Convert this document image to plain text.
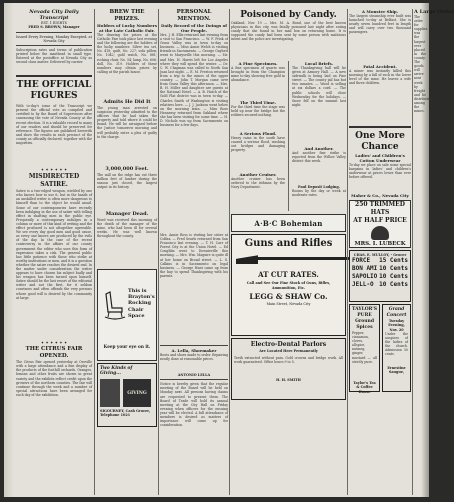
Nevada City Daily Transcript
EST. 1 EIGHTS
FRED S. BROWN, Manager
Issued Every Evening, Monday Excepted, at Nevada City
Subscription rates and terms of publication printed below the masthead in small type. Entered at the postoffice at Nevada City as second class matter. Delivered by carrier.
THE OFFICIAL FIGURES
With to-day's issue of the Transcript we present the official vote as compiled and certified to by the Board of Supervisors after canvassing the vote of Nevada County at the recent election. It is a valuable record to many of our readers and should be preserved for reference. The figures are published herewith and show the results in each precinct of the county as officially declared, together with the majorities.
✦ ✦ ✦ ✦ ✦ ✦
MISDIRECTED SATIRE.
Satire is a two-edged weapon, wielded by one who knows how to use it, but in the hands of an unskilled writer is often more dangerous to himself than to the object he would assail. Some of our contemporaries have recently been indulging in the use of satire with telling effect in shafting men in the public eye. Frequently a contemporary indulges in a column or more of this kind of writing and the effect produced is not altogether agreeable. We see every day good men and good cause, as every one knows are produced by the evils of the day. In the case of the recent controversy in the affairs of our county government the editor who uses this form of expression takes a risk. The general public has little patience with those who strike at worthy institutions or men, and it is a question whether the satire reaches the desired end. In the matter under consideration the writer appears to have chosen his subject badly and his weapon has been turned upon himself. Satire should be the last resort of the editorial writer and not the first, for it seldom convinces and often offends the very persons whose good will is desired by the community at large.
✦ ✦ ✦ ✦ ✦ ✦
THE CITRUS FAIR OPENED.
The Citrus Fair opened yesterday at Oroville with a large attendance and a fine display of the products of the foothill orchards. Oranges, lemons and other fruits are shown in great variety and the exhibits reflect credit upon the growers of the northern counties. The fair will continue through the week and a number of special attractions have been arranged for each day of the exhibition.
BREW THE PRIZES.
Holders of Lucky Numbers at the Late Catholic Fair.
The drawing for prizes at the Catholic Fair took place last evening and the following are the holders of the lucky numbers: Silver tea set, No. 418; quilt, No. 227; sofa pillow, No. 1042; gold watch, No. 881; rocking chair, No. 54; lamp, No. 606; doll, No. 319. Holders of these numbers may obtain prizes by calling at the parish house.
Admits He Did It
The young man arrested on suspicion yesterday admitted to the officers that he had taken the property and told where it could be found. He will be arraigned before the Justice tomorrow morning and will probably enter a plea of guilty to the charge.
3,000,000 Feet.
The mill on the ridge has cut three million feet of lumber during the season just closed, the largest output in its history.
Manager Dead.
Word was received this morning of the death of the manager of the mine, who had been ill for several weeks. He was well known throughout the county.
This is
Brayton's
Rocking Chair
Space
Keep your eye on it.
Two Kinds of Giving...
GIVING
SIGOURNEY, Cash Grocer, Telephone 1021
PERSONAL MENTION.
Daily Record of the Doings of Our People.
Mrs. J. H. Ellis returned last evening from a visit to San Francisco. — W. F. Prisk of Grass Valley was in town to-day on business. — Miss Annie Welch is visiting friends in Sacramento. — George Gaylord went to Marysville this morning. — Mr. and Mrs. H. Harris left for Los Angeles where they will spend the winter. — Dr. C. W. Chapman was called to North San Juan last night. — E. M. Preston returned from a trip to the mines of the upper country. — John T. Morgan came over from Grass Valley this afternoon. — Mrs. B. H. Miller and daughter are guests at the National Hotel. — A. B. Hatch of the Gold Flat district was in town to-day. — Charles Smith of Washington is visiting relatives here. — J. J. Jackson went below on the morning train. — Miss Rose Hennessy returned from Oakland where she has been visiting for some time. — H. D. Nichols was up from Sacramento on business for a few days.
Mrs. Annie Ross is visiting her sister at Colfax. — Fred Searls returned from San Francisco last evening. — T. H. Carr of Forest City is at the Union Hotel. — Ed Coughlin went to Downieville this morning. — Mrs. Wm. Maguire is quite ill at her home on Broad street. — L. S. Calkins is in Sacramento on legal business. — George Hunt came up from the bay to spend Thanksgiving with his parents.
A. Lella, Shoemaker
Boots and shoes made to order. Repairing neatly done at reasonable prices.
ANTONIO LELLA
Notice is hereby given that the regular meeting of the Board will be held on Monday next. All persons having claims are requested to present them. The Board of Trade will hold its annual meeting at the City Hall on Friday evening when officers for the ensuing year will be elected. A full attendance of members is desired as matters of importance will come up for consideration.
Poisoned by Candy.
Oakland, Nov. 19 — Mrs. M. A. Bond, one of the best known physicians in this city, was fatally poisoned last night after eating candy that she found in her mail box on returning home. It is supposed the candy had been sent by some person with malicious intent and the police are investigating.
A Fine Specimen.
A fine specimen of quartz was brought in from the Champion mine to-day showing free gold in abundance.
The Third Time.
For the third time the stage was held up near the bridge but the robbers secured nothing.
A Serious Flood.
Heavy rains in the south have caused a serious flood, washing out bridges and damaging property.
Another Cruiser.
Another cruiser has been ordered to the isthmus by the Navy Department.
Local Briefs.
The Thanksgiving ball will be given at Armory Hall. — A new sidewalk is being laid on Pine street. — The county jail has but two inmates. — Wood is selling at six dollars a cord. — The public schools will close Wednesday for the holidays. — Snow fell on the summit last night.
And Another.
And another fine strike is reported from the Willow Valley district this week.
Paul Deposit Lodging.
Rooms by the day or week at moderate rates.
A·B·C Bohemian
Guns and Rifles
AT CUT RATES.
Call and See Our Fine Stock of Guns, Rifles, Ammunition, Etc.
LEGG & SHAW Co.
Main Street, Nevada City
Electro-Dental Parlors
Are Located Here Permanently
Teeth extracted without pain. Gold crowns and bridge work. All work guaranteed. Office hours 9 to 5.
H. H. SMITH
A Monster Ship.
The largest steamship ever built was launched to-day at Belfast. She is nearly seven hundred feet in length and will carry over two thousand passengers.
Fatal Accident.
A miner was instantly killed this morning by a fall of rock in the lower level of the mine. He leaves a wife and three children.
One More Chance
Ladies' and Children's Cotton Underwear
To-day we place on sale some special bargains in ladies' and children's underwear at prices lower than ever before offered.
Maher & Co., Nevada City
250 TRIMMED HATS
AT HALF PRICE
MRS. I. LUBECK
CHAS. E. MULLOY, - Grocer
FORCE 15 Cents
BON AMI 10 Cents
SAPOLIO 10 Cents
JELL-O 10 Cents
TAYLOR'S PURE
Ground Spices
Pepper, cinnamon, cloves, allspice, nutmeg, ginger, mustard — all strictly pure.
Taylor's Tea & Coffee House
Grand Concert
Tuesday Evening, Nov. 20
Under the auspices of the ladies of the church. Admission 50 cents.
Ernestine Saugue,
A Large Order
The order for supplies was the largest ever placed in the county. The goods will arrive next week by freight and be distributed among the mines.
